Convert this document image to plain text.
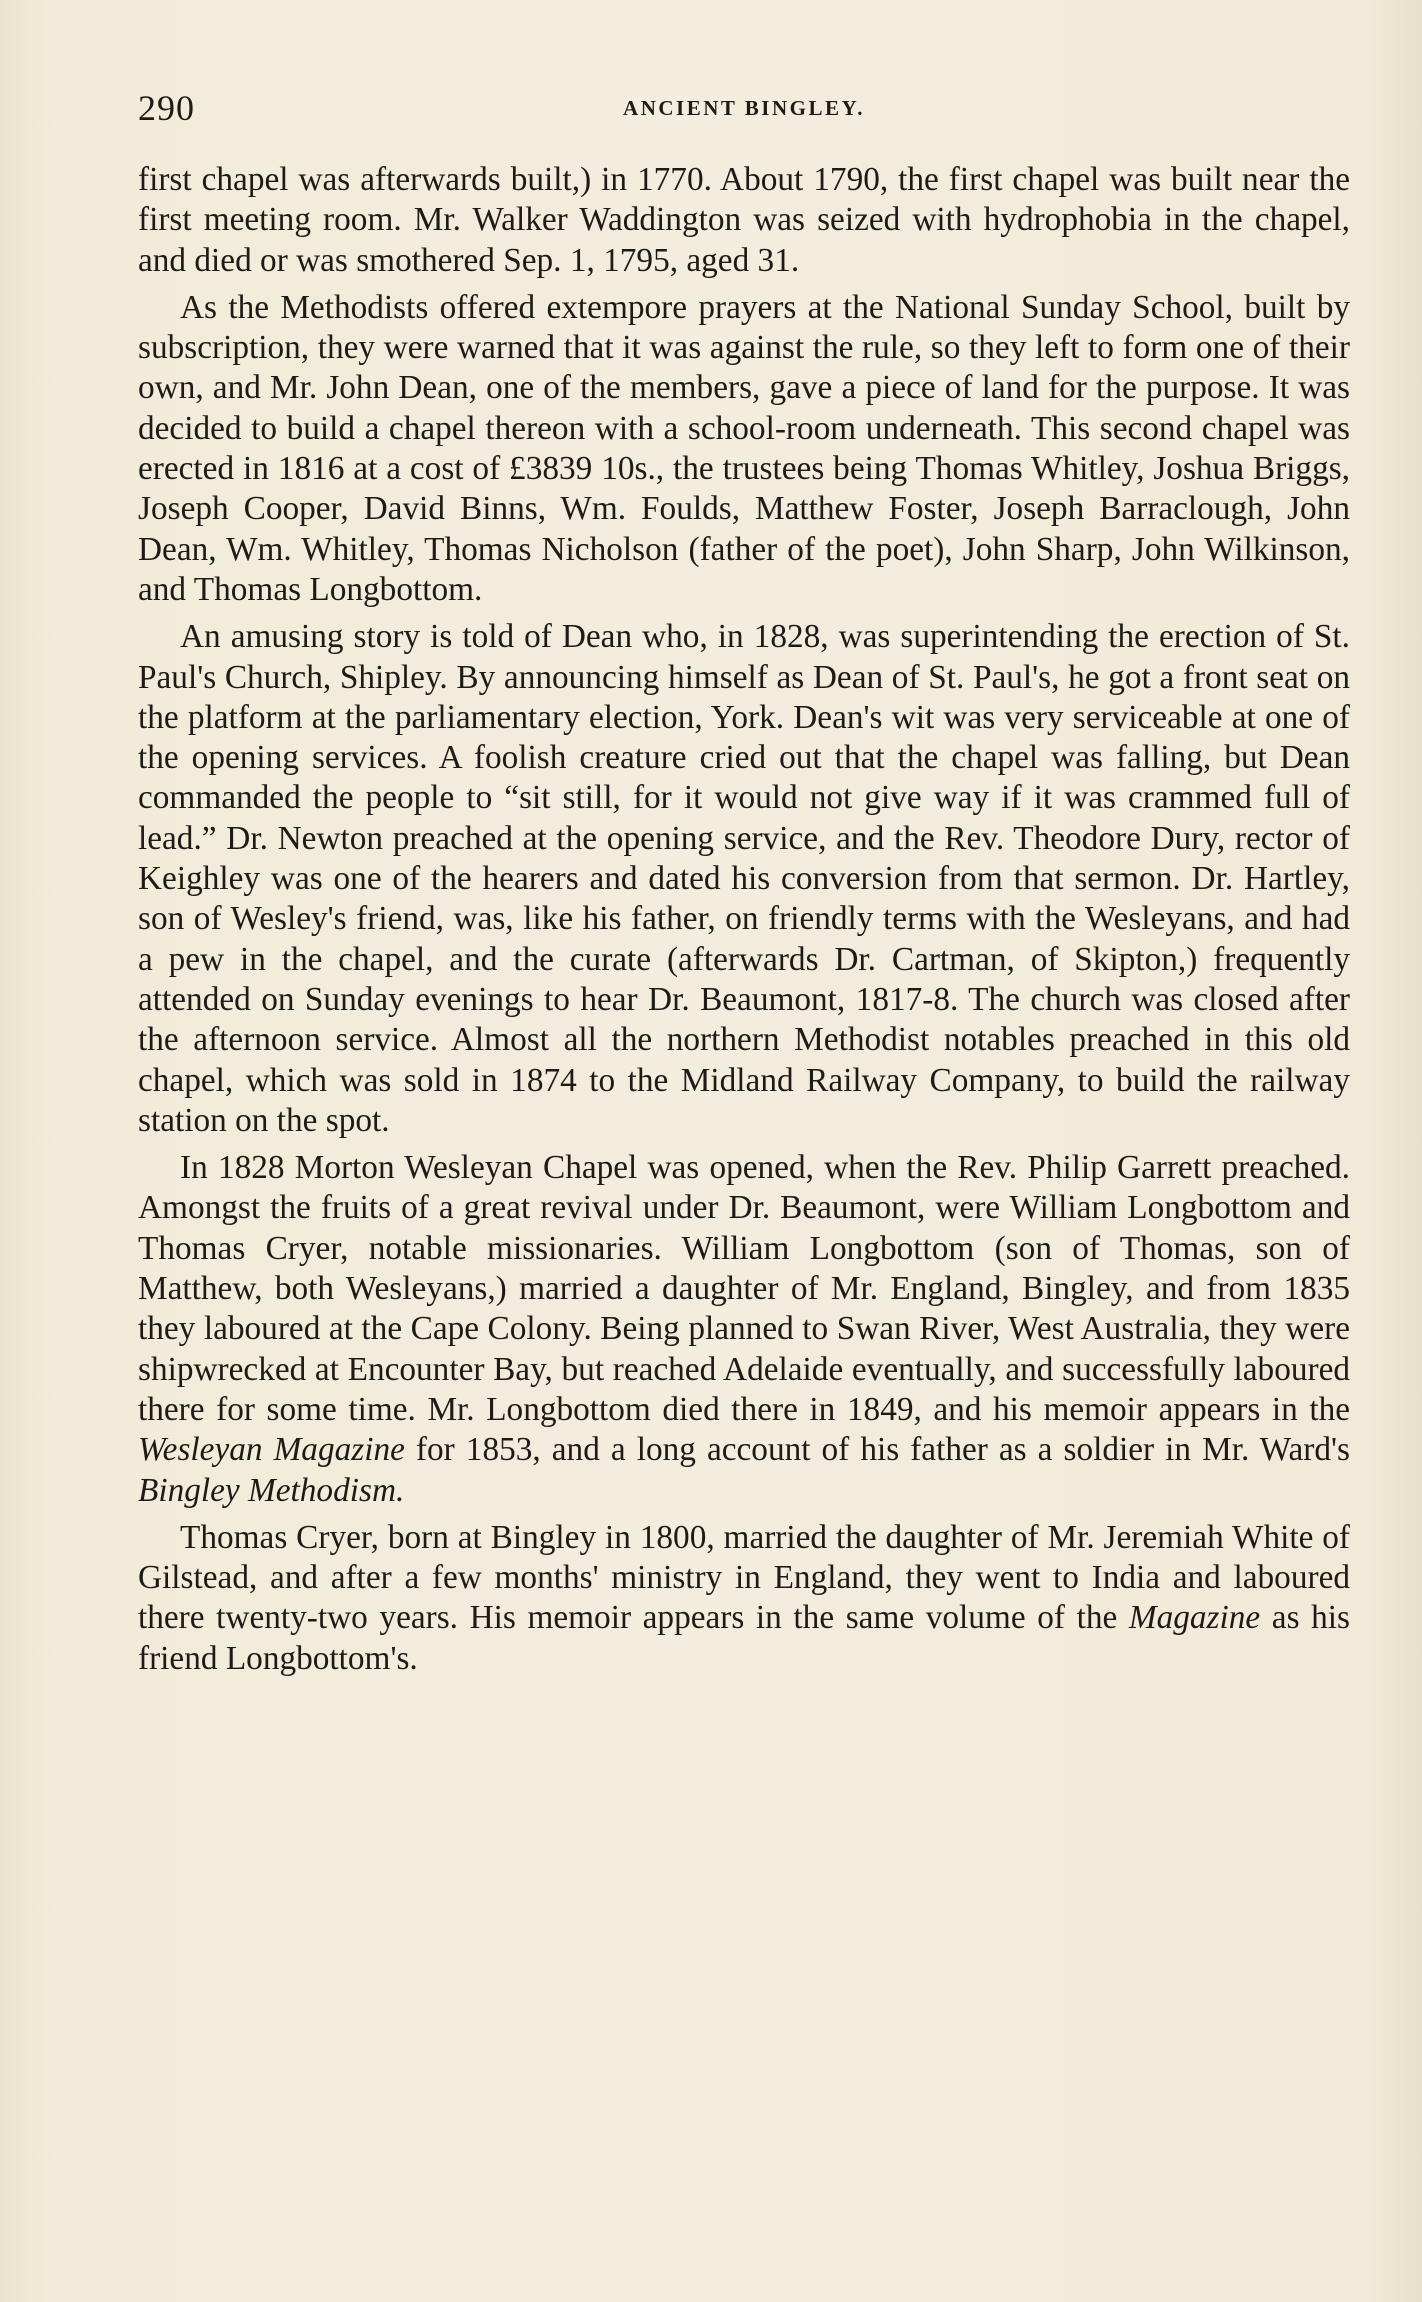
290	ANCIENT BINGLEY.

first chapel was afterwards built,) in 1770. About 1790, the first chapel was built near the first meeting room. Mr. Walker Waddington was seized with hydrophobia in the chapel, and died or was smothered Sep. 1, 1795, aged 31.

As the Methodists offered extempore prayers at the National Sunday School, built by subscription, they were warned that it was against the rule, so they left to form one of their own, and Mr. John Dean, one of the members, gave a piece of land for the purpose. It was decided to build a chapel thereon with a school-room underneath. This second chapel was erected in 1816 at a cost of £3839 10s., the trustees being Thomas Whitley, Joshua Briggs, Joseph Cooper, David Binns, Wm. Foulds, Matthew Foster, Joseph Barraclough, John Dean, Wm. Whitley, Thomas Nicholson (father of the poet), John Sharp, John Wilkinson, and Thomas Longbottom.

An amusing story is told of Dean who, in 1828, was superintending the erection of St. Paul's Church, Shipley. By announcing himself as Dean of St. Paul's, he got a front seat on the platform at the parliamentary election, York. Dean's wit was very serviceable at one of the opening services. A foolish creature cried out that the chapel was falling, but Dean commanded the people to “sit still, for it would not give way if it was crammed full of lead.” Dr. Newton preached at the opening service, and the Rev. Theodore Dury, rector of Keighley was one of the hearers and dated his conversion from that sermon. Dr. Hartley, son of Wesley's friend, was, like his father, on friendly terms with the Wesleyans, and had a pew in the chapel, and the curate (afterwards Dr. Cartman, of Skipton,) frequently attended on Sunday evenings to hear Dr. Beaumont, 1817-8. The church was closed after the afternoon service. Almost all the northern Methodist notables preached in this old chapel, which was sold in 1874 to the Midland Railway Company, to build the railway station on the spot.

In 1828 Morton Wesleyan Chapel was opened, when the Rev. Philip Garrett preached. Amongst the fruits of a great revival under Dr. Beaumont, were William Longbottom and Thomas Cryer, notable missionaries. William Longbottom (son of Thomas, son of Matthew, both Wesleyans,) married a daughter of Mr. England, Bingley, and from 1835 they laboured at the Cape Colony. Being planned to Swan River, West Australia, they were shipwrecked at Encounter Bay, but reached Adelaide eventually, and successfully laboured there for some time. Mr. Longbottom died there in 1849, and his memoir appears in the Wesleyan Magazine for 1853, and a long account of his father as a soldier in Mr. Ward's Bingley Methodism.

Thomas Cryer, born at Bingley in 1800, married the daughter of Mr. Jeremiah White of Gilstead, and after a few months' ministry in England, they went to India and laboured there twenty-two years. His memoir appears in the same volume of the Magazine as his friend Longbottom's.
